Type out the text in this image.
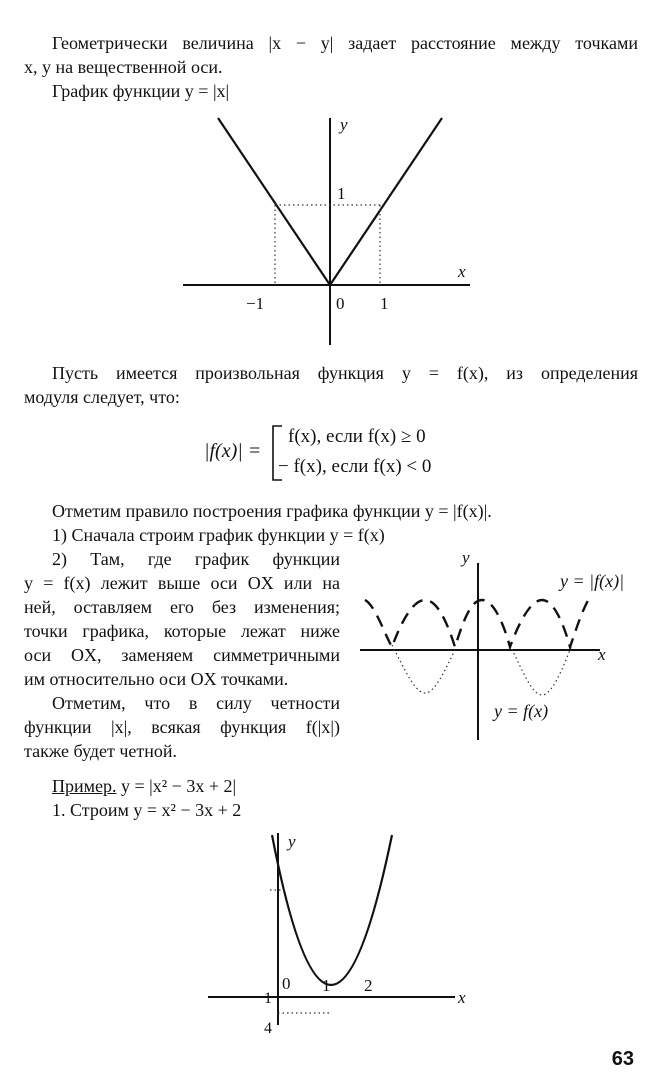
Геометрически величина |x − y| задает расстояние между точками
x, y на вещественной оси.
График функции y = |x|
y
x
1
−1	0 1
Пусть имеется произвольная функция y = f(x), из определения
модуля следует, что:
|f(x)| =
f(x), если f(x) ≥ 0
− f(x), если f(x) < 0
Отметим правило построения графика функции y = |f(x)|.
1) Сначала строим график функции y = f(x)
2) Там, где график функции
y = f(x) лежит выше оси OX или на
ней, оставляем его без изменения;
точки графика, которые лежат ниже
оси OX, заменяем симметричными
им относительно оси OX точками.
Отметим, что в силу четности
функции |x|, всякая функция f(|x|)
также будет четной.
y
x
y = |f(x)|
y = f(x)
Пример. y = |x² − 3x + 2|
1. Строим y = x² − 3x + 2
y
x
0 1 2
1
4
63
